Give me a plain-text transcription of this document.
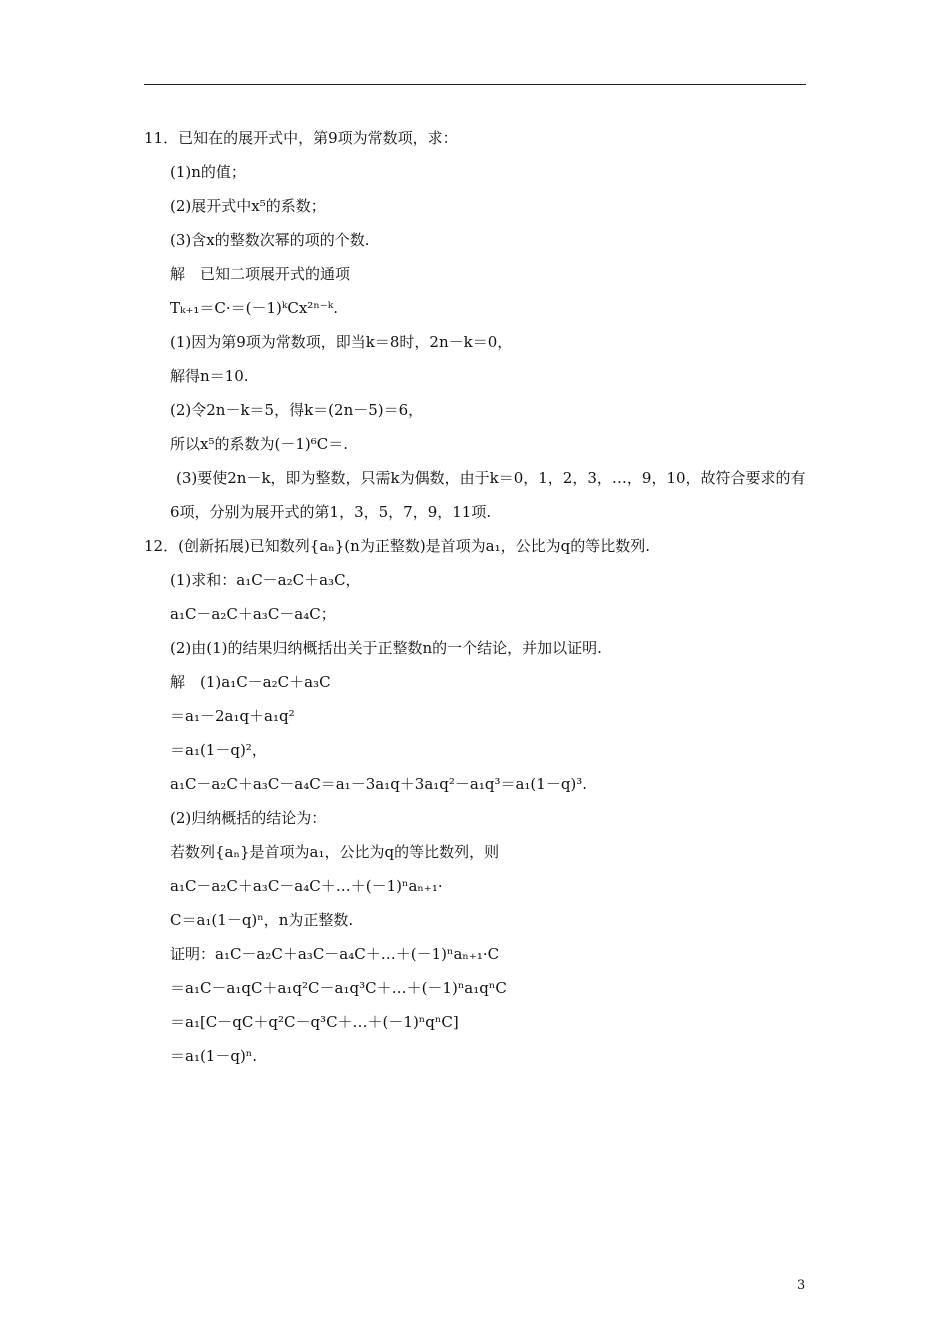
11．已知在的展开式中，第9项为常数项，求：
(1)n的值；
(2)展开式中x⁵的系数；
(3)含x的整数次幂的项的个数.
解　已知二项展开式的通项
Tₖ₊₁＝C·＝(－1)ᵏCx²ⁿ⁻ᵏ.
(1)因为第9项为常数项，即当k＝8时，2n－k＝0，
解得n＝10.
(2)令2n－k＝5，得k＝(2n－5)＝6，
所以x⁵的系数为(－1)⁶C＝.
(3)要使2n－k，即为整数，只需k为偶数，由于k＝0，1，2，3，…，9，10，故符合要求的有
6项，分别为展开式的第1，3，5，7，9，11项.
12．(创新拓展)已知数列{aₙ}(n为正整数)是首项为a₁，公比为q的等比数列.
(1)求和：a₁C－a₂C＋a₃C，
a₁C－a₂C＋a₃C－a₄C；
(2)由(1)的结果归纳概括出关于正整数n的一个结论，并加以证明.
解　(1)a₁C－a₂C＋a₃C
＝a₁－2a₁q＋a₁q²
＝a₁(1－q)²，
a₁C－a₂C＋a₃C－a₄C＝a₁－3a₁q＋3a₁q²－a₁q³＝a₁(1－q)³.
(2)归纳概括的结论为：
若数列{aₙ}是首项为a₁，公比为q的等比数列，则
a₁C－a₂C＋a₃C－a₄C＋…＋(－1)ⁿaₙ₊₁·
C＝a₁(1－q)ⁿ，n为正整数.
证明：a₁C－a₂C＋a₃C－a₄C＋…＋(－1)ⁿaₙ₊₁·C
＝a₁C－a₁qC＋a₁q²C－a₁q³C＋…＋(－1)ⁿa₁qⁿC
＝a₁[C－qC＋q²C－q³C＋…＋(－1)ⁿqⁿC]
＝a₁(1－q)ⁿ.
3
